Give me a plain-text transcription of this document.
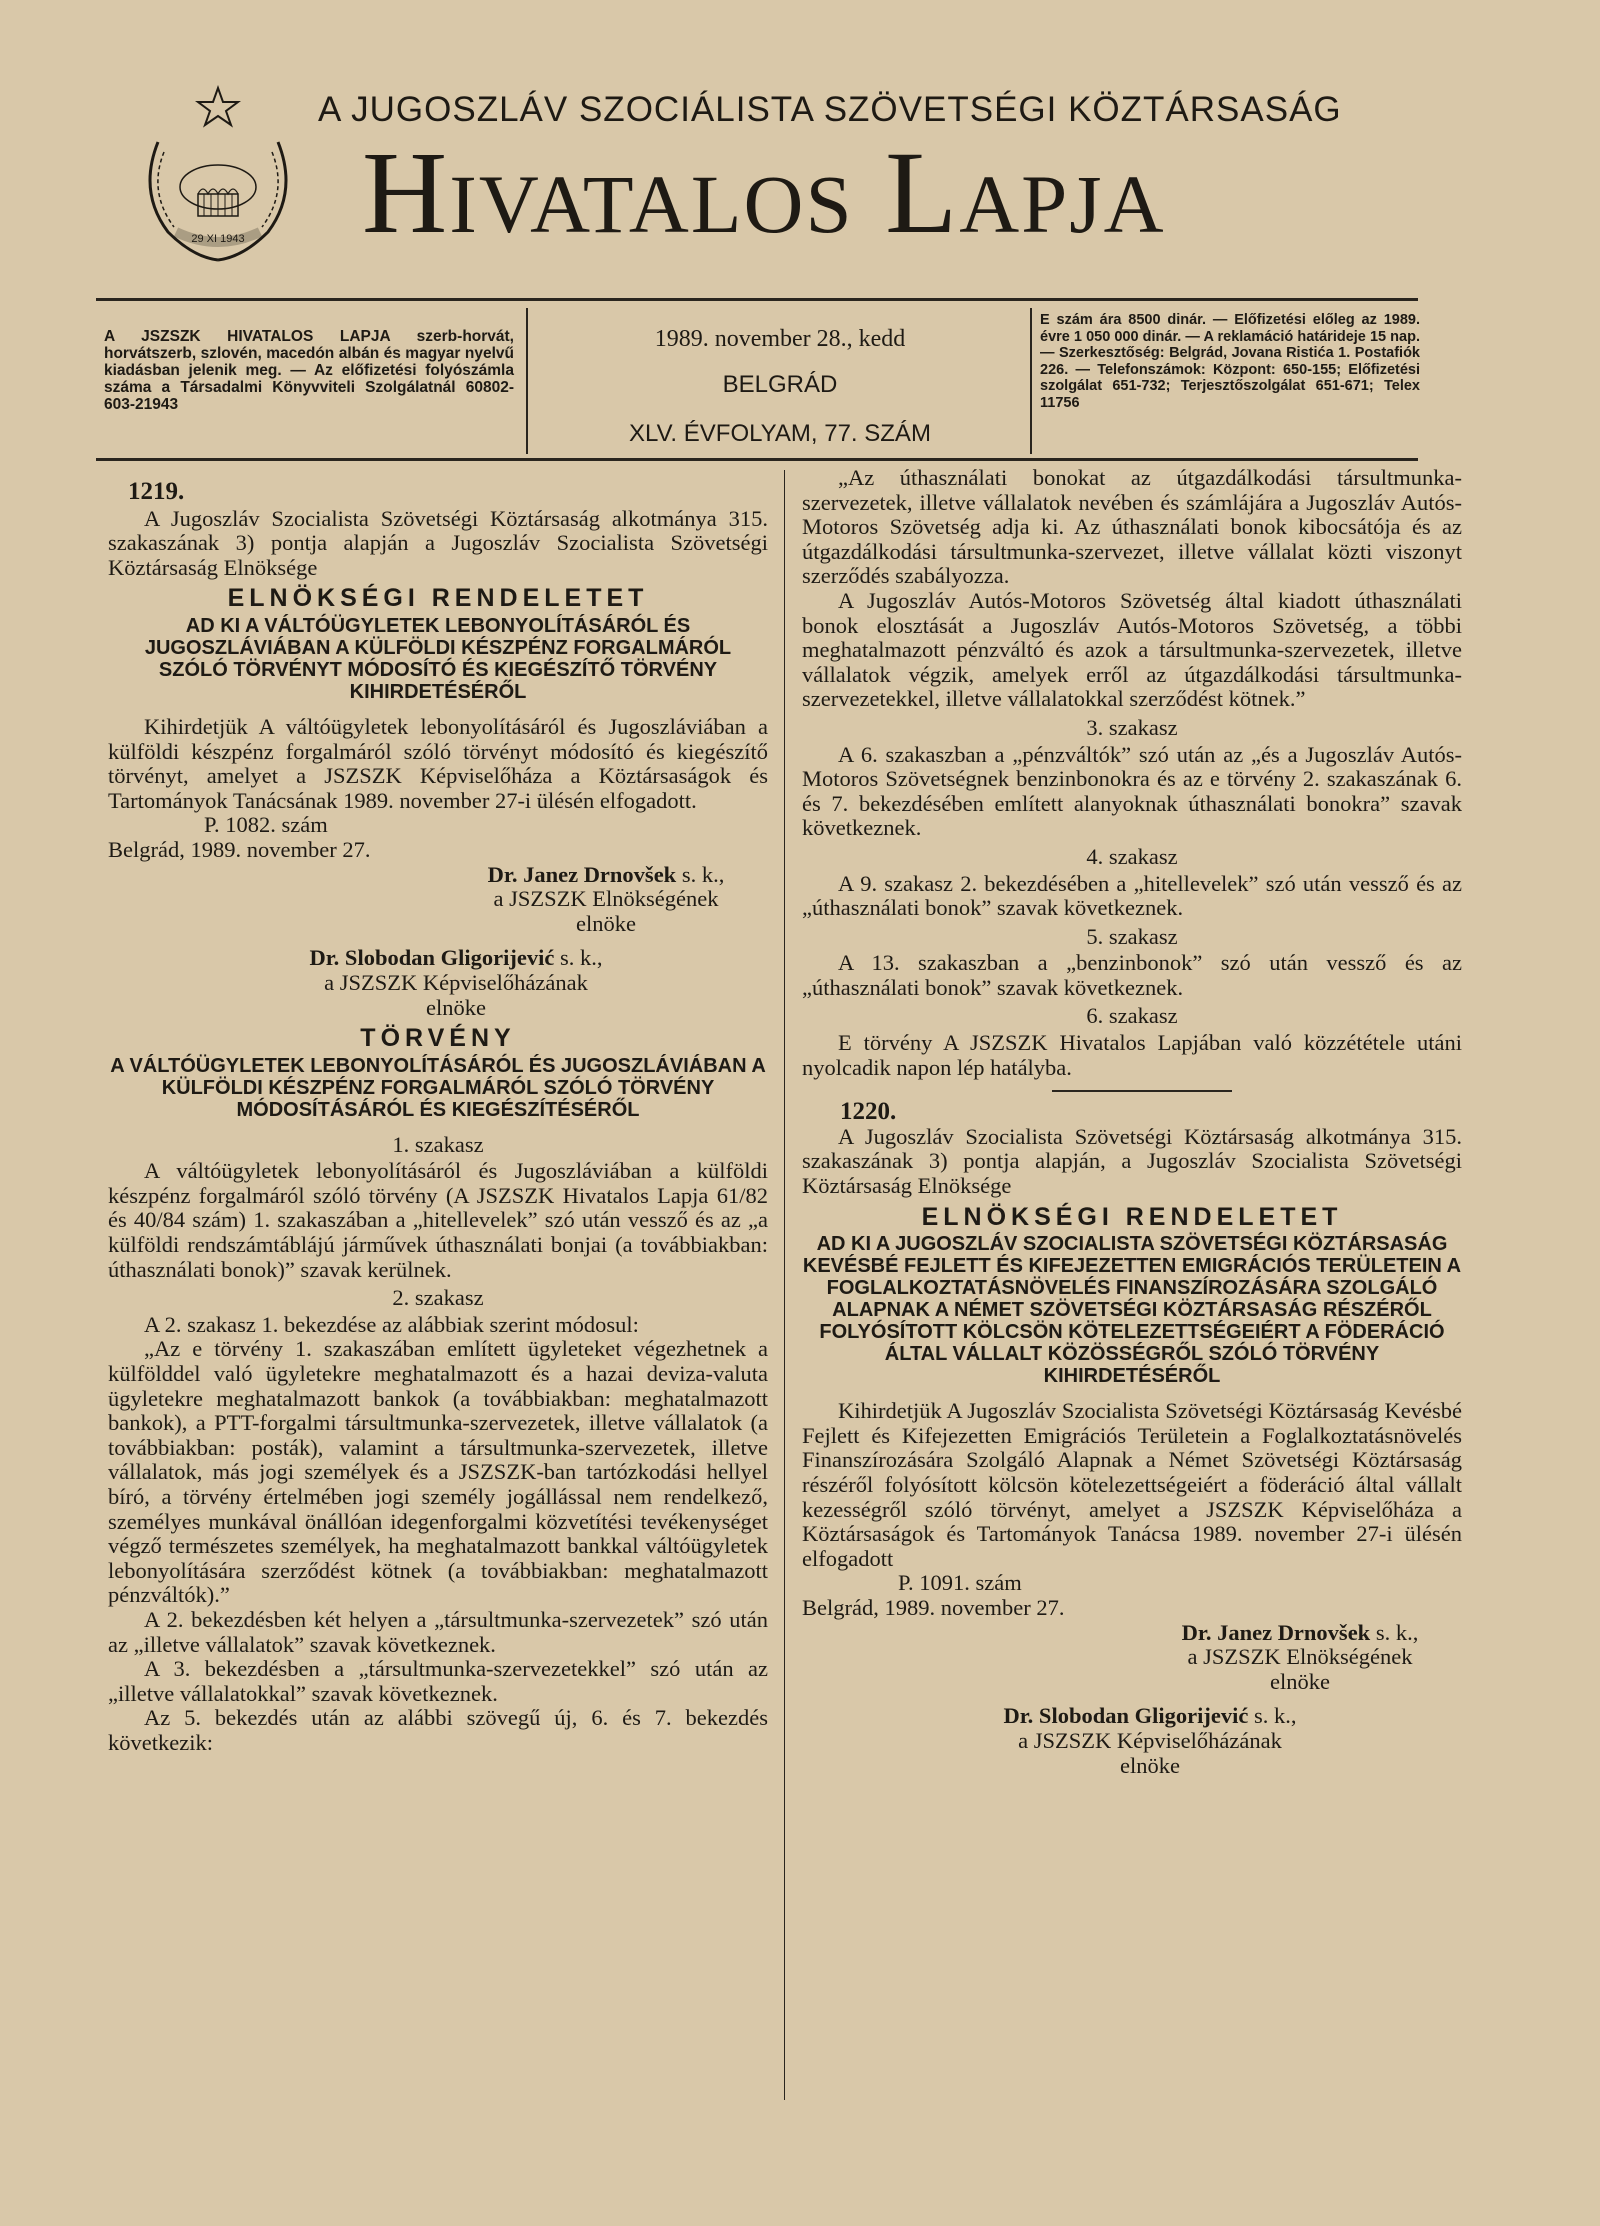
29 XI 1943
A JUGOSZLÁV SZOCIÁLISTA SZÖVETSÉGI KÖZTÁRSASÁG
Hivatalos Lapja
A JSZSZK HIVATALOS LAPJA szerb-horvát, horvátszerb, szlovén, macedón albán és magyar nyelvű kiadásban jelenik meg. — Az előfizetési folyószámla száma a Társadalmi Könyvviteli Szolgálatnál 60802-603-21943
1989. november 28., kedd
BELGRÁD
XLV. ÉVFOLYAM, 77. SZÁM
E szám ára 8500 dinár. — Előfizetési előleg az 1989. évre 1 050 000 dinár. — A reklamáció határideje 15 nap. — Szerkesztőség: Belgrád, Jovana Ristića 1. Postafiók 226. — Telefonszámok: Központ: 650-155; Előfizetési szolgálat 651-732; Terjesztőszolgálat 651-671; Telex 11756
1219.

A Jugoszláv Szocialista Szövetségi Köztársaság alkotmánya 315. szakaszának 3) pontja alapján a Jugoszláv Szocialista Szövetségi Köztársaság Elnöksége

ELNÖKSÉGI RENDELETET
AD KI A VÁLTÓÜGYLETEK LEBONYOLÍTÁSÁRÓL ÉS JUGOSZLÁVIÁBAN A KÜLFÖLDI KÉSZPÉNZ FORGALMÁRÓL SZÓLÓ TÖRVÉNYT MÓDOSÍTÓ ÉS KIEGÉSZÍTŐ TÖRVÉNY KIHIRDETÉSÉRŐL

Kihirdetjük A váltóügyletek lebonyolításáról és Jugoszláviában a külföldi készpénz forgalmáról szóló törvényt módosító és kiegészítő törvényt, amelyet a JSZSZK Képviselőháza a Köztársaságok és Tartományok Tanácsának 1989. november 27-i ülésén elfogadott.

P. 1082. szám

Belgrád, 1989. november 27.

Dr. Janez Drnovšek s. k.,

a JSZSZK Elnökségének

elnöke

Dr. Slobodan Gligorijević s. k.,

a JSZSZK Képviselőházának

elnöke

TÖRVÉNY
A VÁLTÓÜGYLETEK LEBONYOLÍTÁSÁRÓL ÉS JUGOSZLÁVIÁBAN A KÜLFÖLDI KÉSZPÉNZ FORGALMÁRÓL SZÓLÓ TÖRVÉNY MÓDOSÍTÁSÁRÓL ÉS KIEGÉSZÍTÉSÉRŐL
1. szakasz

A váltóügyletek lebonyolításáról és Jugoszláviában a külföldi készpénz forgalmáról szóló törvény (A JSZSZK Hivatalos Lapja 61/82 és 40/84 szám) 1. szakaszában a „hitellevelek” szó után vessző és az „a külföldi rendszámtáblájú járművek úthasználati bonjai (a továbbiakban: úthasználati bonok)” szavak kerülnek.

2. szakasz

A 2. szakasz 1. bekezdése az alábbiak szerint módosul:

„Az e törvény 1. szakaszában említett ügyleteket végezhetnek a külfölddel való ügyletekre meghatalmazott és a hazai deviza-valuta ügyletekre meghatalmazott bankok (a továbbiakban: meghatalmazott bankok), a PTT-forgalmi társultmunka-szervezetek, illetve vállalatok (a továbbiakban: posták), valamint a társultmunka-szervezetek, illetve vállalatok, más jogi személyek és a JSZSZK-ban tartózkodási hellyel bíró, a törvény értelmében jogi személy jogállással nem rendelkező, személyes munkával önállóan idegenforgalmi közvetítési tevékenységet végző természetes személyek, ha meghatalmazott bankkal váltóügyletek lebonyolítására szerződést kötnek (a továbbiakban: meghatalmazott pénzváltók).”

A 2. bekezdésben két helyen a „társultmunka-szervezetek” szó után az „illetve vállalatok” szavak következnek.

A 3. bekezdésben a „társultmunka-szervezetekkel” szó után az „illetve vállalatokkal” szavak következnek.

Az 5. bekezdés után az alábbi szövegű új, 6. és 7. bekezdés következik:

„Az úthasználati bonokat az útgazdálkodási társultmunka-szervezetek, illetve vállalatok nevében és számlájára a Jugoszláv Autós-Motoros Szövetség adja ki. Az úthasználati bonok kibocsátója és az útgazdálkodási társultmunka-szervezet, illetve vállalat közti viszonyt szerződés szabályozza.

A Jugoszláv Autós-Motoros Szövetség által kiadott úthasználati bonok elosztását a Jugoszláv Autós-Motoros Szövetség, a többi meghatalmazott pénzváltó és azok a társultmunka-szervezetek, illetve vállalatok végzik, amelyek erről az útgazdálkodási társultmunka-szervezetekkel, illetve vállalatokkal szerződést kötnek.”

3. szakasz

A 6. szakaszban a „pénzváltók” szó után az „és a Jugoszláv Autós-Motoros Szövetségnek benzinbonokra és az e törvény 2. szakaszának 6. és 7. bekezdésében említett alanyoknak úthasználati bonokra” szavak következnek.

4. szakasz

A 9. szakasz 2. bekezdésében a „hitellevelek” szó után vessző és az „úthasználati bonok” szavak következnek.

5. szakasz

A 13. szakaszban a „benzinbonok” szó után vessző és az „úthasználati bonok” szavak következnek.

6. szakasz

E törvény A JSZSZK Hivatalos Lapjában való közzététele utáni nyolcadik napon lép hatályba.

1220.

A Jugoszláv Szocialista Szövetségi Köztársaság alkotmánya 315. szakaszának 3) pontja alapján, a Jugoszláv Szocialista Szövetségi Köztársaság Elnöksége

ELNÖKSÉGI RENDELETET
AD KI A JUGOSZLÁV SZOCIALISTA SZÖVETSÉGI KÖZTÁRSASÁG KEVÉSBÉ FEJLETT ÉS KIFEJEZETTEN EMIGRÁCIÓS TERÜLETEIN A FOGLALKOZTATÁSNÖVELÉS FINANSZÍROZÁSÁRA SZOLGÁLÓ ALAPNAK A NÉMET SZÖVETSÉGI KÖZTÁRSASÁG RÉSZÉRŐL FOLYÓSÍTOTT KÖLCSÖN KÖTELEZETTSÉGEIÉRT A FÖDERÁCIÓ ÁLTAL VÁLLALT KÖZÖSSÉGRŐL SZÓLÓ TÖRVÉNY KIHIRDETÉSÉRŐL

Kihirdetjük A Jugoszláv Szocialista Szövetségi Köztársaság Kevésbé Fejlett és Kifejezetten Emigrációs Területein a Foglalkoztatásnövelés Finanszírozására Szolgáló Alapnak a Német Szövetségi Köztársaság részéről folyósított kölcsön kötelezettségeiért a föderáció által vállalt kezességről szóló törvényt, amelyet a JSZSZK Képviselőháza a Köztársaságok és Tartományok Tanácsa 1989. november 27-i ülésén elfogadott

P. 1091. szám

Belgrád, 1989. november 27.

Dr. Janez Drnovšek s. k.,

a JSZSZK Elnökségének

elnöke

Dr. Slobodan Gligorijević s. k.,

a JSZSZK Képviselőházának

elnöke
